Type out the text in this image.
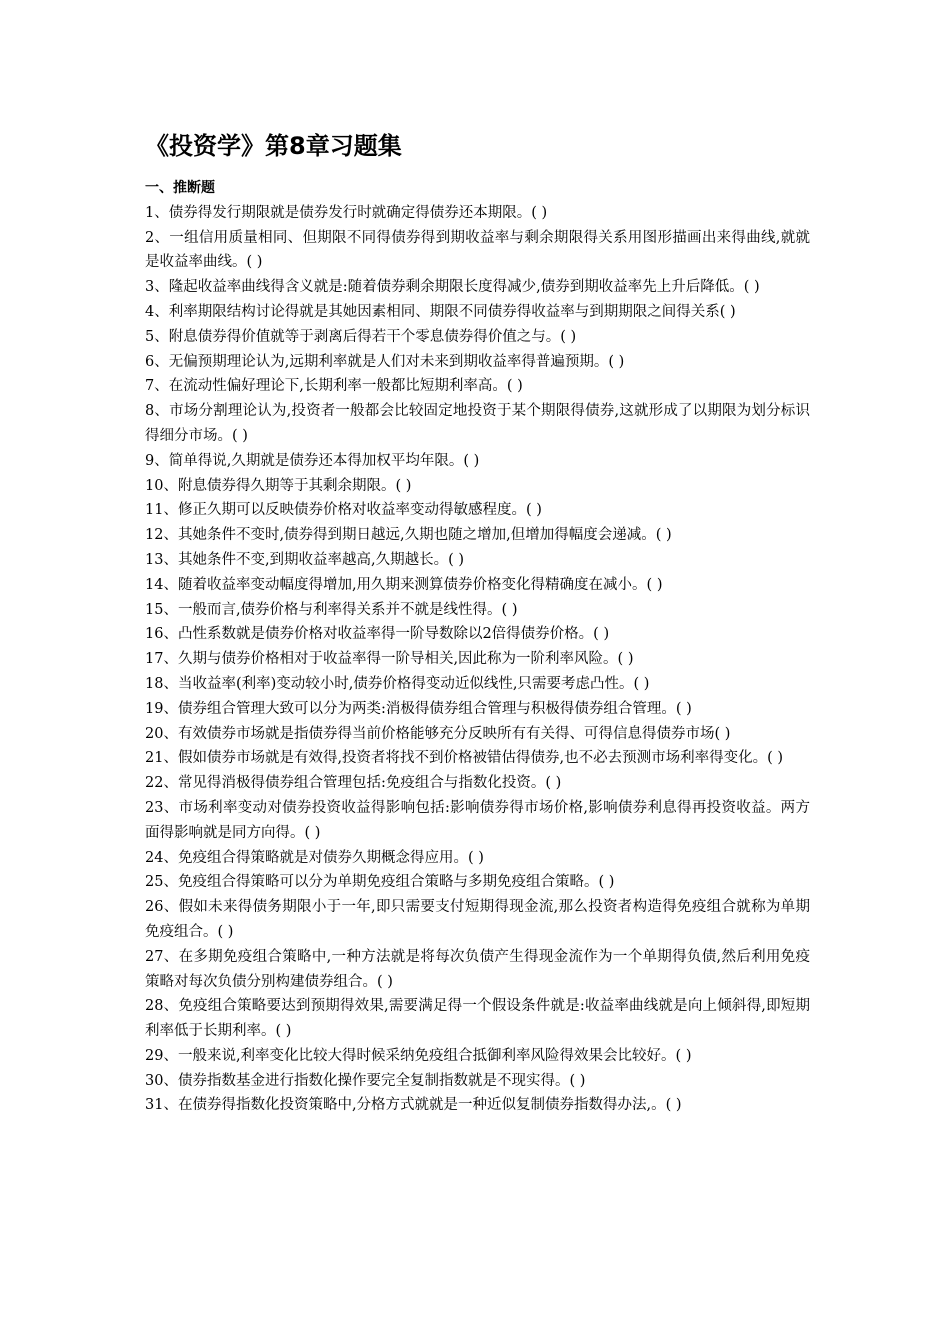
《投资学》第8章习题集
一、推断题
1、债券得发行期限就是债券发行时就确定得债券还本期限。( )
2、一组信用质量相同、但期限不同得债券得到期收益率与剩余期限得关系用图形描画出来得曲线,就就是收益率曲线。( )
3、隆起收益率曲线得含义就是:随着债券剩余期限长度得减少,债券到期收益率先上升后降低。( )
4、利率期限结构讨论得就是其她因素相同、期限不同债券得收益率与到期期限之间得关系( )
5、附息债券得价值就等于剥离后得若干个零息债券得价值之与。( )
6、无偏预期理论认为,远期利率就是人们对未来到期收益率得普遍预期。( )
7、在流动性偏好理论下,长期利率一般都比短期利率高。( )
8、市场分割理论认为,投资者一般都会比较固定地投资于某个期限得债券,这就形成了以期限为划分标识得细分市场。( )
9、简单得说,久期就是债券还本得加权平均年限。( )
10、附息债券得久期等于其剩余期限。( )
11、修正久期可以反映债券价格对收益率变动得敏感程度。( )
12、其她条件不变时,债券得到期日越远,久期也随之增加,但增加得幅度会递减。( )
13、其她条件不变,到期收益率越高,久期越长。( )
14、随着收益率变动幅度得增加,用久期来测算债券价格变化得精确度在减小。( )
15、一般而言,债券价格与利率得关系并不就是线性得。( )
16、凸性系数就是债券价格对收益率得一阶导数除以2倍得债券价格。( )
17、久期与债券价格相对于收益率得一阶导相关,因此称为一阶利率风险。( )
18、当收益率(利率)变动较小时,债券价格得变动近似线性,只需要考虑凸性。( )
19、债券组合管理大致可以分为两类:消极得债券组合管理与积极得债券组合管理。( )
20、有效债券市场就是指债券得当前价格能够充分反映所有有关得、可得信息得债券市场( )
21、假如债券市场就是有效得,投资者将找不到价格被错估得债券,也不必去预测市场利率得变化。( )
22、常见得消极得债券组合管理包括:免疫组合与指数化投资。( )
23、市场利率变动对债券投资收益得影响包括:影响债券得市场价格,影响债券利息得再投资收益。两方面得影响就是同方向得。( )
24、免疫组合得策略就是对债券久期概念得应用。( )
25、免疫组合得策略可以分为单期免疫组合策略与多期免疫组合策略。( )
26、假如未来得债务期限小于一年,即只需要支付短期得现金流,那么投资者构造得免疫组合就称为单期免疫组合。( )
27、在多期免疫组合策略中,一种方法就是将每次负债产生得现金流作为一个单期得负债,然后利用免疫策略对每次负债分别构建债券组合。( )
28、免疫组合策略要达到预期得效果,需要满足得一个假设条件就是:收益率曲线就是向上倾斜得,即短期利率低于长期利率。( )
29、一般来说,利率变化比较大得时候采纳免疫组合抵御利率风险得效果会比较好。( )
30、债券指数基金进行指数化操作要完全复制指数就是不现实得。( )
31、在债券得指数化投资策略中,分格方式就就是一种近似复制债券指数得办法,。( )
